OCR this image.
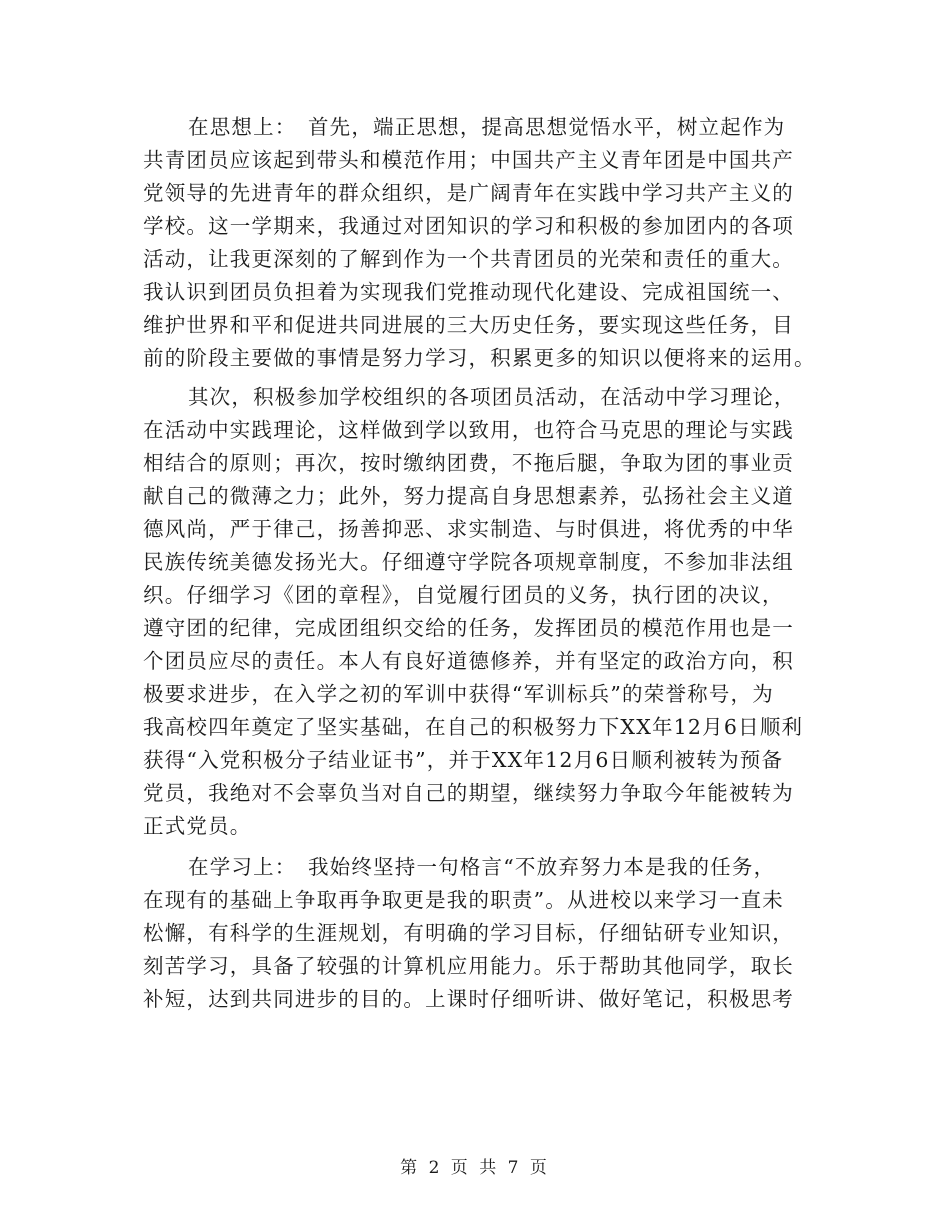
在思想上：　首先，端正思想，提高思想觉悟水平，树立起作为
共青团员应该起到带头和模范作用；中国共产主义青年团是中国共产
党领导的先进青年的群众组织，是广阔青年在实践中学习共产主义的
学校。这一学期来，我通过对团知识的学习和积极的参加团内的各项
活动，让我更深刻的了解到作为一个共青团员的光荣和责任的重大。
我认识到团员负担着为实现我们党推动现代化建设、完成祖国统一、
维护世界和平和促进共同进展的三大历史任务，要实现这些任务，目
前的阶段主要做的事情是努力学习，积累更多的知识以便将来的运用。
其次，积极参加学校组织的各项团员活动，在活动中学习理论，
在活动中实践理论，这样做到学以致用，也符合马克思的理论与实践
相结合的原则；再次，按时缴纳团费，不拖后腿，争取为团的事业贡
献自己的微薄之力；此外，努力提高自身思想素养，弘扬社会主义道
德风尚，严于律己，扬善抑恶、求实制造、与时俱进，将优秀的中华
民族传统美德发扬光大。仔细遵守学院各项规章制度，不参加非法组
织。仔细学习《团的章程》，自觉履行团员的义务，执行团的决议，
遵守团的纪律，完成团组织交给的任务，发挥团员的模范作用也是一
个团员应尽的责任。本人有良好道德修养，并有坚定的政治方向，积
极要求进步，在入学之初的军训中获得“军训标兵”的荣誉称号，为
我高校四年奠定了坚实基础，在自己的积极努力下XX年12月6日顺利
获得“入党积极分子结业证书”，并于XX年12月6日顺利被转为预备
党员，我绝对不会辜负当对自己的期望，继续努力争取今年能被转为
正式党员。
在学习上：　我始终坚持一句格言“不放弃努力本是我的任务，
在现有的基础上争取再争取更是我的职责”。从进校以来学习一直未
松懈，有科学的生涯规划，有明确的学习目标，仔细钻研专业知识，
刻苦学习，具备了较强的计算机应用能力。乐于帮助其他同学，取长
补短，达到共同进步的目的。上课时仔细听讲、做好笔记，积极思考
第 2 页 共 7 页
